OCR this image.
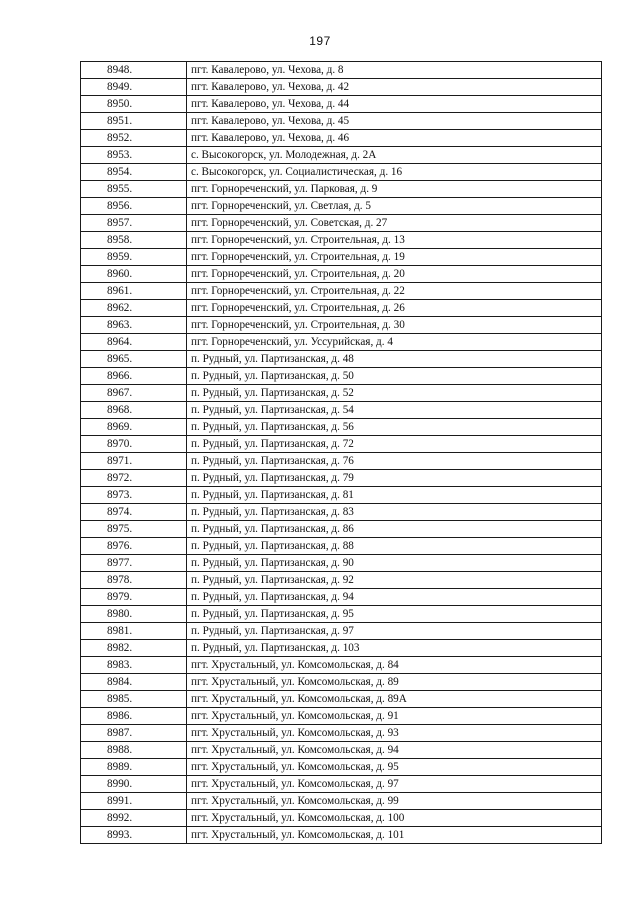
197
8948.	пгт. Кавалерово, ул. Чехова, д. 8
8949.	пгт. Кавалерово, ул. Чехова, д. 42
8950.	пгт. Кавалерово, ул. Чехова, д. 44
8951.	пгт. Кавалерово, ул. Чехова, д. 45
8952.	пгт. Кавалерово, ул. Чехова, д. 46
8953.	с. Высокогорск, ул. Молодежная, д. 2А
8954.	с. Высокогорск, ул. Социалистическая, д. 16
8955.	пгт. Горнореченский, ул. Парковая, д. 9
8956.	пгт. Горнореченский, ул. Светлая, д. 5
8957.	пгт. Горнореченский, ул. Советская, д. 27
8958.	пгт. Горнореченский, ул. Строительная, д. 13
8959.	пгт. Горнореченский, ул. Строительная, д. 19
8960.	пгт. Горнореченский, ул. Строительная, д. 20
8961.	пгт. Горнореченский, ул. Строительная, д. 22
8962.	пгт. Горнореченский, ул. Строительная, д. 26
8963.	пгт. Горнореченский, ул. Строительная, д. 30
8964.	пгт. Горнореченский, ул. Уссурийская, д. 4
8965.	п. Рудный, ул. Партизанская, д. 48
8966.	п. Рудный, ул. Партизанская, д. 50
8967.	п. Рудный, ул. Партизанская, д. 52
8968.	п. Рудный, ул. Партизанская, д. 54
8969.	п. Рудный, ул. Партизанская, д. 56
8970.	п. Рудный, ул. Партизанская, д. 72
8971.	п. Рудный, ул. Партизанская, д. 76
8972.	п. Рудный, ул. Партизанская, д. 79
8973.	п. Рудный, ул. Партизанская, д. 81
8974.	п. Рудный, ул. Партизанская, д. 83
8975.	п. Рудный, ул. Партизанская, д. 86
8976.	п. Рудный, ул. Партизанская, д. 88
8977.	п. Рудный, ул. Партизанская, д. 90
8978.	п. Рудный, ул. Партизанская, д. 92
8979.	п. Рудный, ул. Партизанская, д. 94
8980.	п. Рудный, ул. Партизанская, д. 95
8981.	п. Рудный, ул. Партизанская, д. 97
8982.	п. Рудный, ул. Партизанская, д. 103
8983.	пгт. Хрустальный, ул. Комсомольская, д. 84
8984.	пгт. Хрустальный, ул. Комсомольская, д. 89
8985.	пгт. Хрустальный, ул. Комсомольская, д. 89А
8986.	пгт. Хрустальный, ул. Комсомольская, д. 91
8987.	пгт. Хрустальный, ул. Комсомольская, д. 93
8988.	пгт. Хрустальный, ул. Комсомольская, д. 94
8989.	пгт. Хрустальный, ул. Комсомольская, д. 95
8990.	пгт. Хрустальный, ул. Комсомольская, д. 97
8991.	пгт. Хрустальный, ул. Комсомольская, д. 99
8992.	пгт. Хрустальный, ул. Комсомольская, д. 100
8993.	пгт. Хрустальный, ул. Комсомольская, д. 101
